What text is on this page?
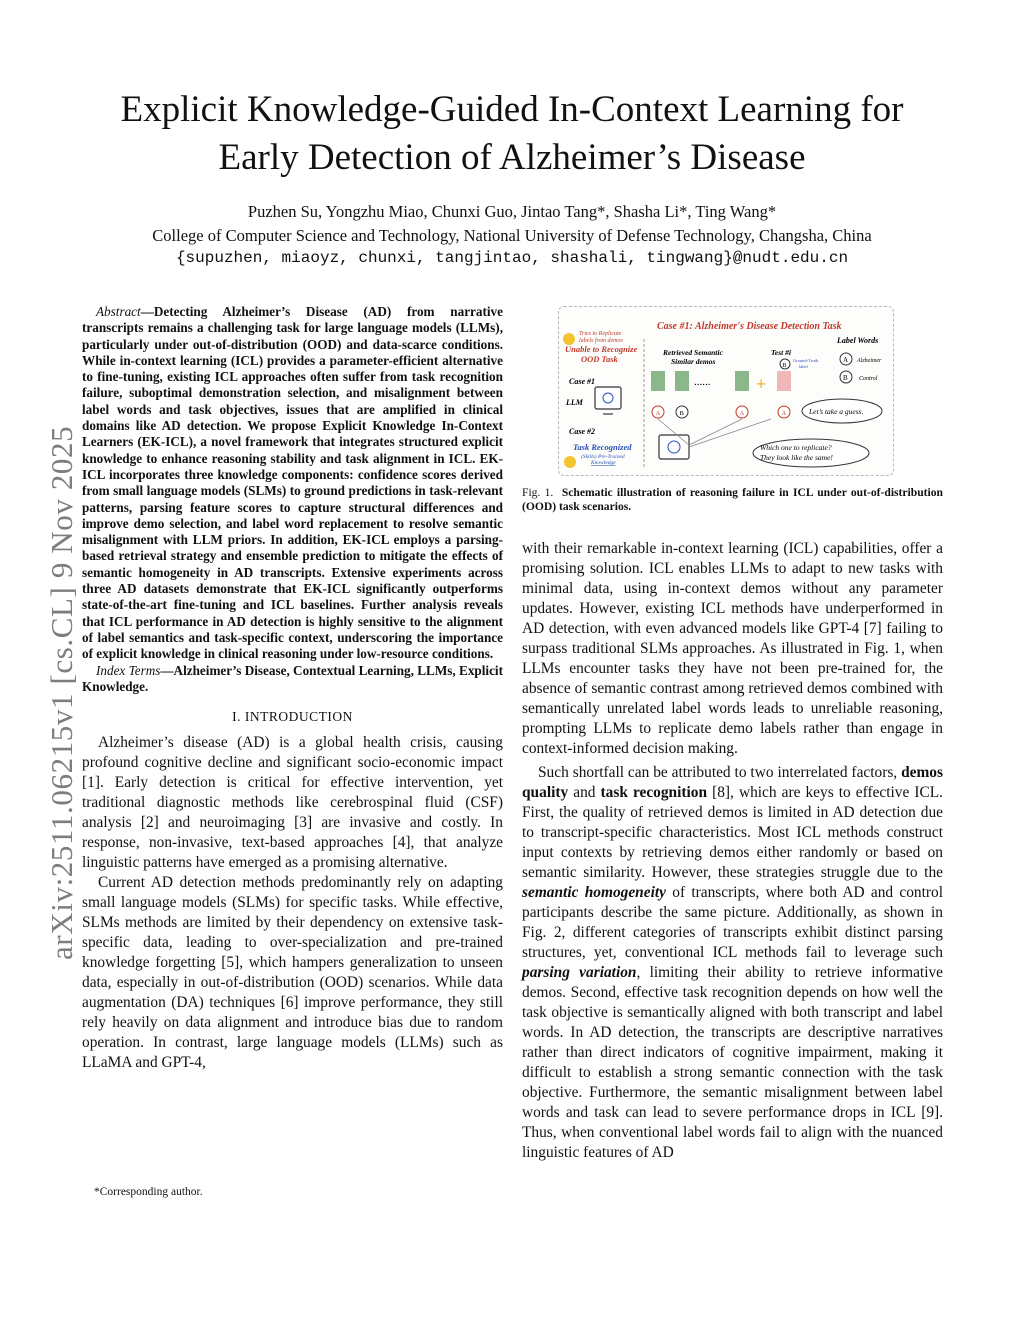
arXiv:2511.06215v1 [cs.CL] 9 Nov 2025
Explicit Knowledge-Guided In-Context Learning for
Early Detection of Alzheimer’s Disease
Puzhen Su, Yongzhu Miao, Chunxi Guo, Jintao Tang*, Shasha Li*, Ting Wang*
College of Computer Science and Technology, National University of Defense Technology, Changsha, China
{supuzhen, miaoyz, chunxi, tangjintao, shashali, tingwang}@nudt.edu.cn

Abstract—Detecting Alzheimer’s Disease (AD) from narrative transcripts remains a challenging task for large language models (LLMs), particularly under out-of-distribution (OOD) and data-scarce conditions. While in-context learning (ICL) provides a parameter-efficient alternative to fine-tuning, existing ICL approaches often suffer from task recognition failure, suboptimal demonstration selection, and misalignment between label words and task objectives, issues that are amplified in clinical domains like AD detection. We propose Explicit Knowledge In-Context Learners (EK-ICL), a novel framework that integrates structured explicit knowledge to enhance reasoning stability and task alignment in ICL. EK-ICL incorporates three knowledge components: confidence scores derived from small language models (SLMs) to ground predictions in task-relevant patterns, parsing feature scores to capture structural differences and improve demo selection, and label word replacement to resolve semantic misalignment with LLM priors. In addition, EK-ICL employs a parsing-based retrieval strategy and ensemble prediction to mitigate the effects of semantic homogeneity in AD transcripts. Extensive experiments across three AD datasets demonstrate that EK-ICL significantly outperforms state-of-the-art fine-tuning and ICL baselines. Further analysis reveals that ICL performance in AD detection is highly sensitive to the alignment of label semantics and task-specific context, underscoring the importance of explicit knowledge in clinical reasoning under low-resource conditions.

Index Terms—Alzheimer’s Disease, Contextual Learning, LLMs, Explicit Knowledge.

I. INTRODUCTION

Alzheimer’s disease (AD) is a global health crisis, causing profound cognitive decline and significant socio-economic impact [1]. Early detection is critical for effective intervention, yet traditional diagnostic methods like cerebrospinal fluid (CSF) analysis [2] and neuroimaging [3] are invasive and costly. In response, non-invasive, text-based approaches [4], that analyze linguistic patterns have emerged as a promising alternative.

Current AD detection methods predominantly rely on adapting small language models (SLMs) for specific tasks. While effective, SLMs methods are limited by their dependency on extensive task-specific data, leading to over-specialization and pre-trained knowledge forgetting [5], which hampers generalization to unseen data, especially in out-of-distribution (OOD) scenarios. While data augmentation (DA) techniques [6] improve performance, they still rely heavily on data alignment and introduce bias due to random operation. In contrast, large language models (LLMs) such as LLaMA and GPT-4,

*Corresponding author.
Tries to Replicate
labels from demos
Unable to Recognize
OOD Task
Case #1
LLM
Case #2
Task Recognized
(Skills) Pre-Trained
Knowledge
Case #1: Alzheimer's Disease Detection Task
Label Words
Retrieved Semantic
Similar demos
Test #i
......	+
B
Ground-Truth
label
A Alzheimer
B Control
A	B	A	A	Let’s take a guess.
Which one to replicate?
They look like the same!
Fig. 1. Schematic illustration of reasoning failure in ICL under out-of-distribution (OOD) task scenarios.

with their remarkable in-context learning (ICL) capabilities, offer a promising solution. ICL enables LLMs to adapt to new tasks with minimal data, using in-context demos without any parameter updates. However, existing ICL methods have underperformed in AD detection, with even advanced models like GPT-4 [7] failing to surpass traditional SLMs approaches. As illustrated in Fig. 1, when LLMs encounter tasks they have not been pre-trained for, the absence of semantic contrast among retrieved demos combined with semantically unrelated label words leads to unreliable reasoning, prompting LLMs to replicate demo labels rather than engage in context-informed decision making.

Such shortfall can be attributed to two interrelated factors, demos quality and task recognition [8], which are keys to effective ICL. First, the quality of retrieved demos is limited in AD detection due to transcript-specific characteristics. Most ICL methods construct input contexts by retrieving demos either randomly or based on semantic similarity. However, these strategies struggle due to the semantic homogeneity of transcripts, where both AD and control participants describe the same picture. Additionally, as shown in Fig. 2, different categories of transcripts exhibit distinct parsing structures, yet, conventional ICL methods fail to leverage such parsing variation, limiting their ability to retrieve informative demos. Second, effective task recognition depends on how well the task objective is semantically aligned with both transcript and label words. In AD detection, the transcripts are descriptive narratives rather than direct indicators of cognitive impairment, making it difficult to establish a strong semantic connection with the task objective. Furthermore, the semantic misalignment between label words and task can lead to severe performance drops in ICL [9]. Thus, when conventional label words fail to align with the nuanced linguistic features of AD
